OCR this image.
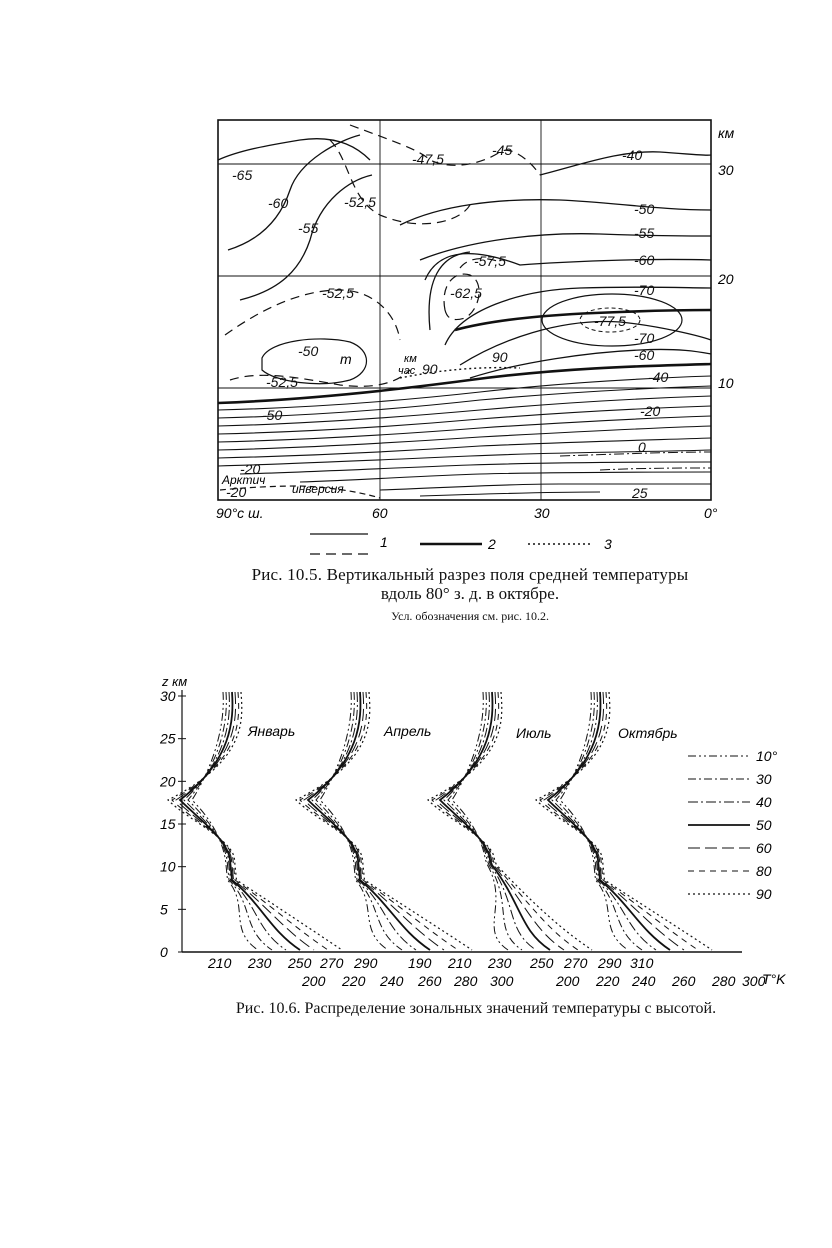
-65
-60
-55
-52,5
-47,5
-45	-40
-50
-55
-60
-57,5
-62,5	-70
-77,5
-70
-60
-52,5
-50
-52,5	-40
-50	-20
0
-20
-20	25
90
90
т	км
час
Арктич
инверсия
км
30
20
10
90°с ш.	60	30	0°
1	2	3
Рис. 10.5. Вертикальный разрез поля средней температуры
вдоль 80° з. д. в октябре.
Усл. обозначения см. рис. 10.2.
z км
0
5
10
15
20
25
30
Январь	Апрель	Июль	Октябрь
210 230 250 270 290 190 210 230 250 270 290 310
200 220 240 260 280 300	200 220 240 260 280 300
T°K
10°
30
40
50
60
80
90
Рис. 10.6. Распределение зональных значений температуры с высотой.
